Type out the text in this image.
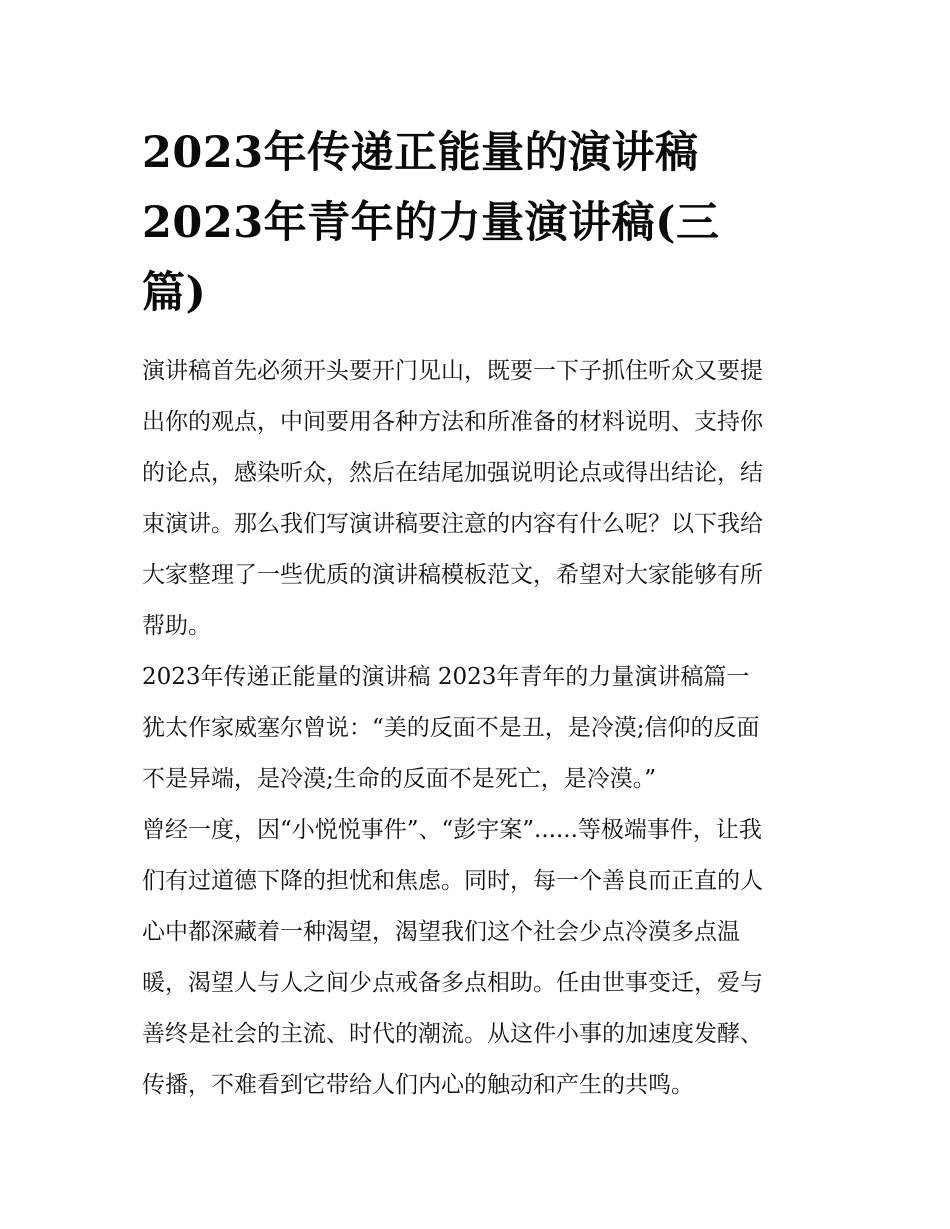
2023年传递正能量的演讲稿
2023年青年的力量演讲稿(三
篇)

演讲稿首先必须开头要开门见山，既要一下子抓住听众又要提
出你的观点，中间要用各种方法和所准备的材料说明、支持你
的论点，感染听众，然后在结尾加强说明论点或得出结论，结
束演讲。那么我们写演讲稿要注意的内容有什么呢？以下我给
大家整理了一些优质的演讲稿模板范文，希望对大家能够有所
帮助。

2023年传递正能量的演讲稿 2023年青年的力量演讲稿篇一

犹太作家威塞尔曾说：“美的反面不是丑，是冷漠;信仰的反面
不是异端，是冷漠;生命的反面不是死亡，是冷漠。”

曾经一度，因“小悦悦事件”、“彭宇案”......等极端事件，让我
们有过道德下降的担忧和焦虑。同时，每一个善良而正直的人
心中都深藏着一种渴望，渴望我们这个社会少点冷漠多点温
暖，渴望人与人之间少点戒备多点相助。任由世事变迁，爱与
善终是社会的主流、时代的潮流。从这件小事的加速度发酵、
传播，不难看到它带给人们内心的触动和产生的共鸣。
